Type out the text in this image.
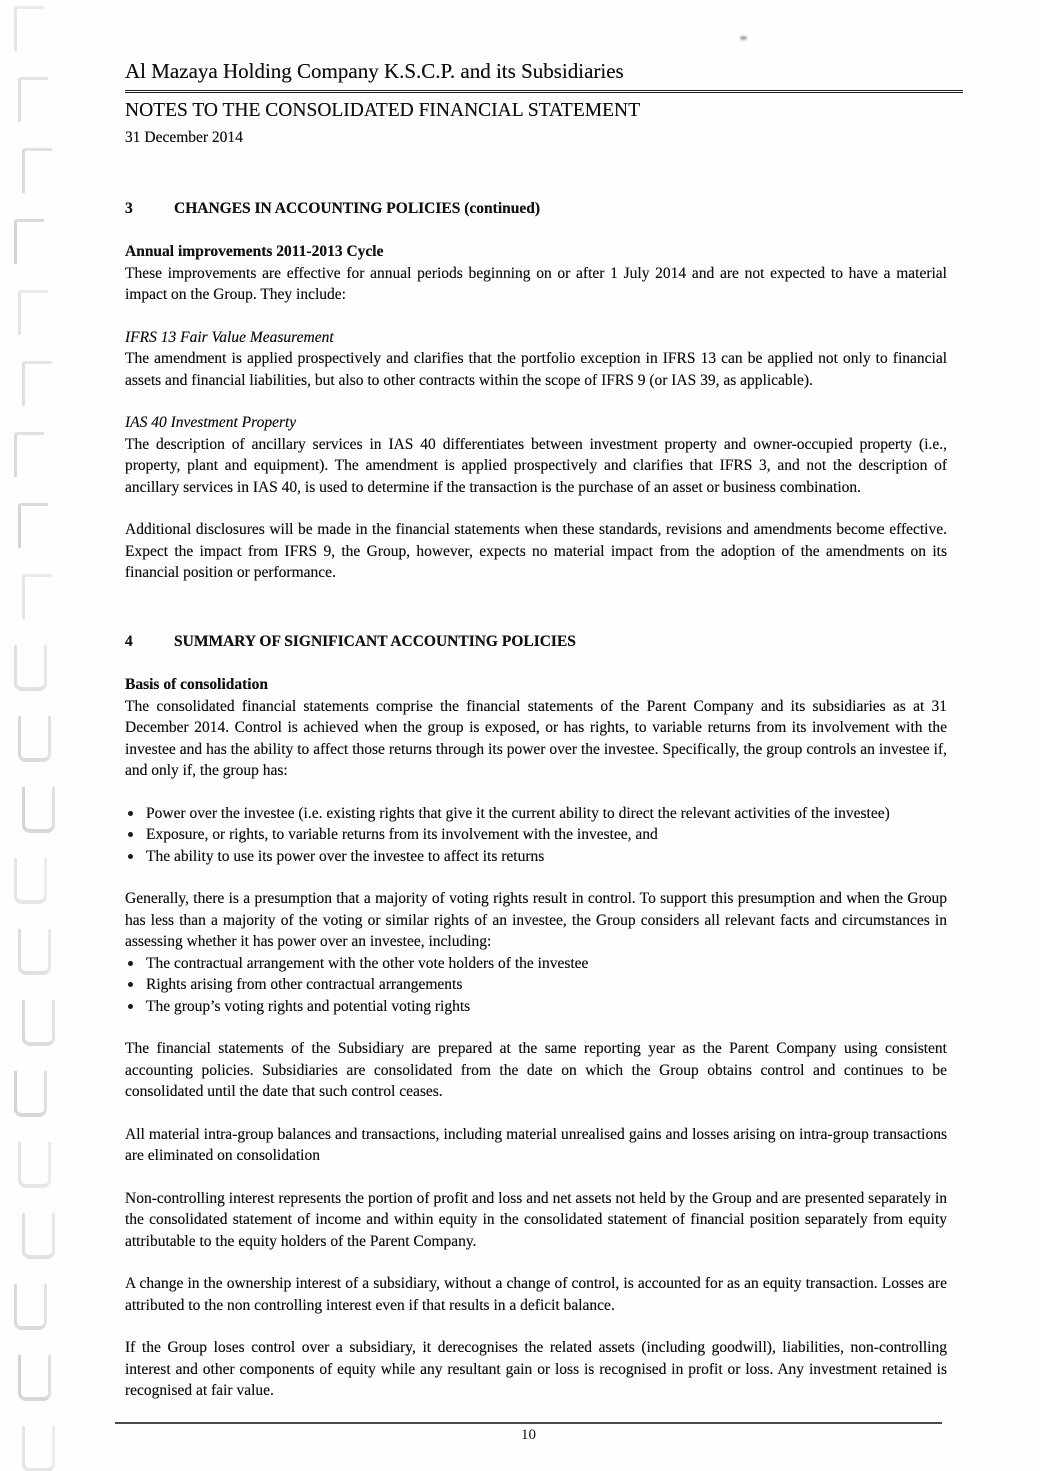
Al Mazaya Holding Company K.S.C.P. and its Subsidiaries
NOTES TO THE CONSOLIDATED FINANCIAL STATEMENT
31 December 2014
3	CHANGES IN ACCOUNTING POLICIES (continued)
Annual improvements 2011-2013 Cycle

These improvements are effective for annual periods beginning on or after 1 July 2014 and are not expected to have a material impact on the Group. They include:

IFRS 13 Fair Value Measurement

The amendment is applied prospectively and clarifies that the portfolio exception in IFRS 13 can be applied not only to financial assets and financial liabilities, but also to other contracts within the scope of IFRS 9 (or IAS 39, as applicable).

IAS 40 Investment Property

The description of ancillary services in IAS 40 differentiates between investment property and owner-occupied property (i.e., property, plant and equipment). The amendment is applied prospectively and clarifies that IFRS 3, and not the description of ancillary services in IAS 40, is used to determine if the transaction is the purchase of an asset or business combination.

Additional disclosures will be made in the financial statements when these standards, revisions and amendments become effective. Expect the impact from IFRS 9, the Group, however, expects no material impact from the adoption of the amendments on its financial position or performance.

4	SUMMARY OF SIGNIFICANT ACCOUNTING POLICIES
Basis of consolidation

The consolidated financial statements comprise the financial statements of the Parent Company and its subsidiaries as at 31 December 2014. Control is achieved when the group is exposed, or has rights, to variable returns from its involvement with the investee and has the ability to affect those returns through its power over the investee. Specifically, the group controls an investee if, and only if, the group has:

Power over the investee (i.e. existing rights that give it the current ability to direct the relevant activities of the investee)
Exposure, or rights, to variable returns from its involvement with the investee, and
The ability to use its power over the investee to affect its returns

Generally, there is a presumption that a majority of voting rights result in control. To support this presumption and when the Group has less than a majority of the voting or similar rights of an investee, the Group considers all relevant facts and circumstances in assessing whether it has power over an investee, including:

The contractual arrangement with the other vote holders of the investee
Rights arising from other contractual arrangements
The group’s voting rights and potential voting rights

The financial statements of the Subsidiary are prepared at the same reporting year as the Parent Company using consistent accounting policies. Subsidiaries are consolidated from the date on which the Group obtains control and continues to be consolidated until the date that such control ceases.

All material intra-group balances and transactions, including material unrealised gains and losses arising on intra-group transactions are eliminated on consolidation

Non-controlling interest represents the portion of profit and loss and net assets not held by the Group and are presented separately in the consolidated statement of income and within equity in the consolidated statement of financial position separately from equity attributable to the equity holders of the Parent Company.

A change in the ownership interest of a subsidiary, without a change of control, is accounted for as an equity transaction. Losses are attributed to the non controlling interest even if that results in a deficit balance.

If the Group loses control over a subsidiary, it derecognises the related assets (including goodwill), liabilities, non-controlling interest and other components of equity while any resultant gain or loss is recognised in profit or loss. Any investment retained is recognised at fair value.

10
